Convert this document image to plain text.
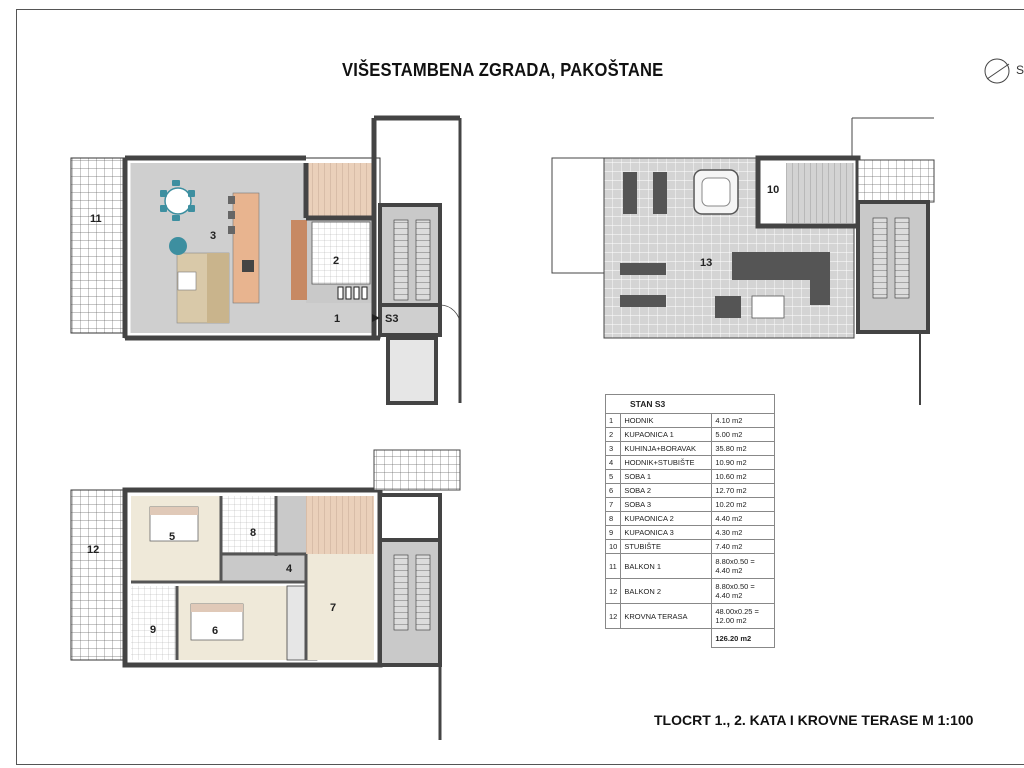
VIŠESTAMBENA ZGRADA, PAKOŠTANE	S
11
3
2
1	S3
12
5	8
4
7
9	6
10
13
STAN S3		
1	HODNIK	4.10 m2

2	KUPAONICA 1	5.00 m2

3	KUHINJA+BORAVAK	35.80 m2

4	HODNIK+STUBIŠTE	10.90 m2

5	SOBA 1	10.60 m2

6	SOBA 2	12.70 m2

7	SOBA 3	10.20 m2

8	KUPAONICA 2	4.40 m2

9	KUPAONICA 3	4.30 m2

10	STUBIŠTE	7.40 m2

11	BALKON 1	8.80x0.50 =
4.40 m2

12	BALKON 2	8.80x0.50 =
4.40 m2

12	KROVNA TERASA	48.00x0.25 =
12.00 m2

		126.20 m2
TLOCRT 1., 2. KATA I KROVNE TERASE M 1:100
